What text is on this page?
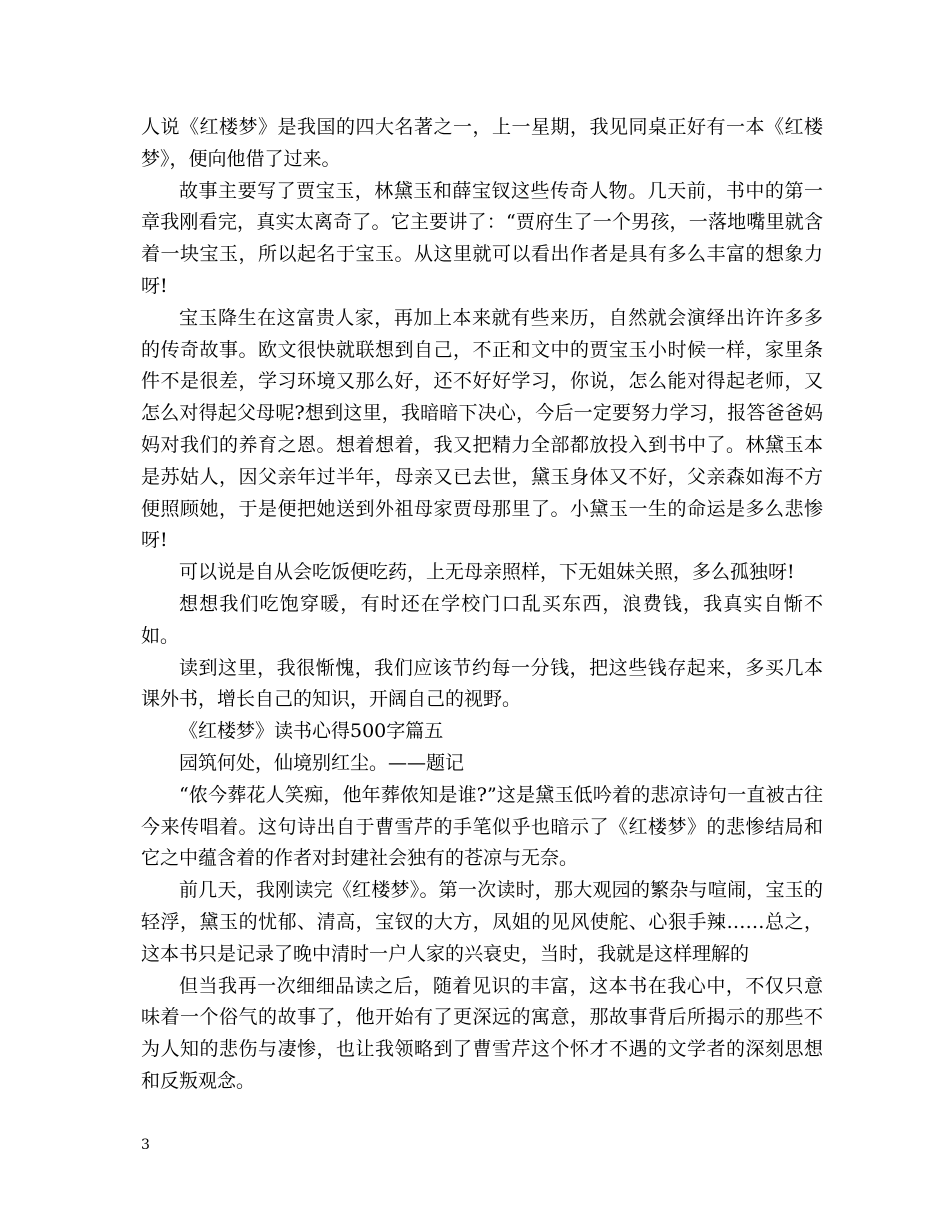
人说《红楼梦》是我国的四大名著之一，上一星期，我见同桌正好有一本《红楼梦》，便向他借了过来。

故事主要写了贾宝玉，林黛玉和薛宝钗这些传奇人物。几天前，书中的第一章我刚看完，真实太离奇了。它主要讲了：“贾府生了一个男孩，一落地嘴里就含着一块宝玉，所以起名于宝玉。从这里就可以看出作者是具有多么丰富的想象力呀!

宝玉降生在这富贵人家，再加上本来就有些来历，自然就会演绎出许许多多的传奇故事。欧文很快就联想到自己，不正和文中的贾宝玉小时候一样，家里条件不是很差，学习环境又那么好，还不好好学习，你说，怎么能对得起老师，又怎么对得起父母呢?想到这里，我暗暗下决心，今后一定要努力学习，报答爸爸妈妈对我们的养育之恩。想着想着，我又把精力全部都放投入到书中了。林黛玉本是苏姑人，因父亲年过半年，母亲又已去世，黛玉身体又不好，父亲森如海不方便照顾她，于是便把她送到外祖母家贾母那里了。小黛玉一生的命运是多么悲惨呀!

可以说是自从会吃饭便吃药，上无母亲照样，下无姐妹关照，多么孤独呀!

想想我们吃饱穿暖，有时还在学校门口乱买东西，浪费钱，我真实自惭不如。

读到这里，我很惭愧，我们应该节约每一分钱，把这些钱存起来，多买几本课外书，增长自己的知识，开阔自己的视野。

《红楼梦》读书心得500字篇五

园筑何处，仙境别红尘。——题记

“侬今葬花人笑痴，他年葬侬知是谁?”这是黛玉低吟着的悲凉诗句一直被古往今来传唱着。这句诗出自于曹雪芹的手笔似乎也暗示了《红楼梦》的悲惨结局和它之中蕴含着的作者对封建社会独有的苍凉与无奈。

前几天，我刚读完《红楼梦》。第一次读时，那大观园的繁杂与喧闹，宝玉的轻浮，黛玉的忧郁、清高，宝钗的大方，凤姐的见风使舵、心狠手辣……总之，这本书只是记录了晚中清时一户人家的兴衰史，当时，我就是这样理解的

但当我再一次细细品读之后，随着见识的丰富，这本书在我心中，不仅只意味着一个俗气的故事了，他开始有了更深远的寓意，那故事背后所揭示的那些不为人知的悲伤与凄惨，也让我领略到了曹雪芹这个怀才不遇的文学者的深刻思想和反叛观念。

3
